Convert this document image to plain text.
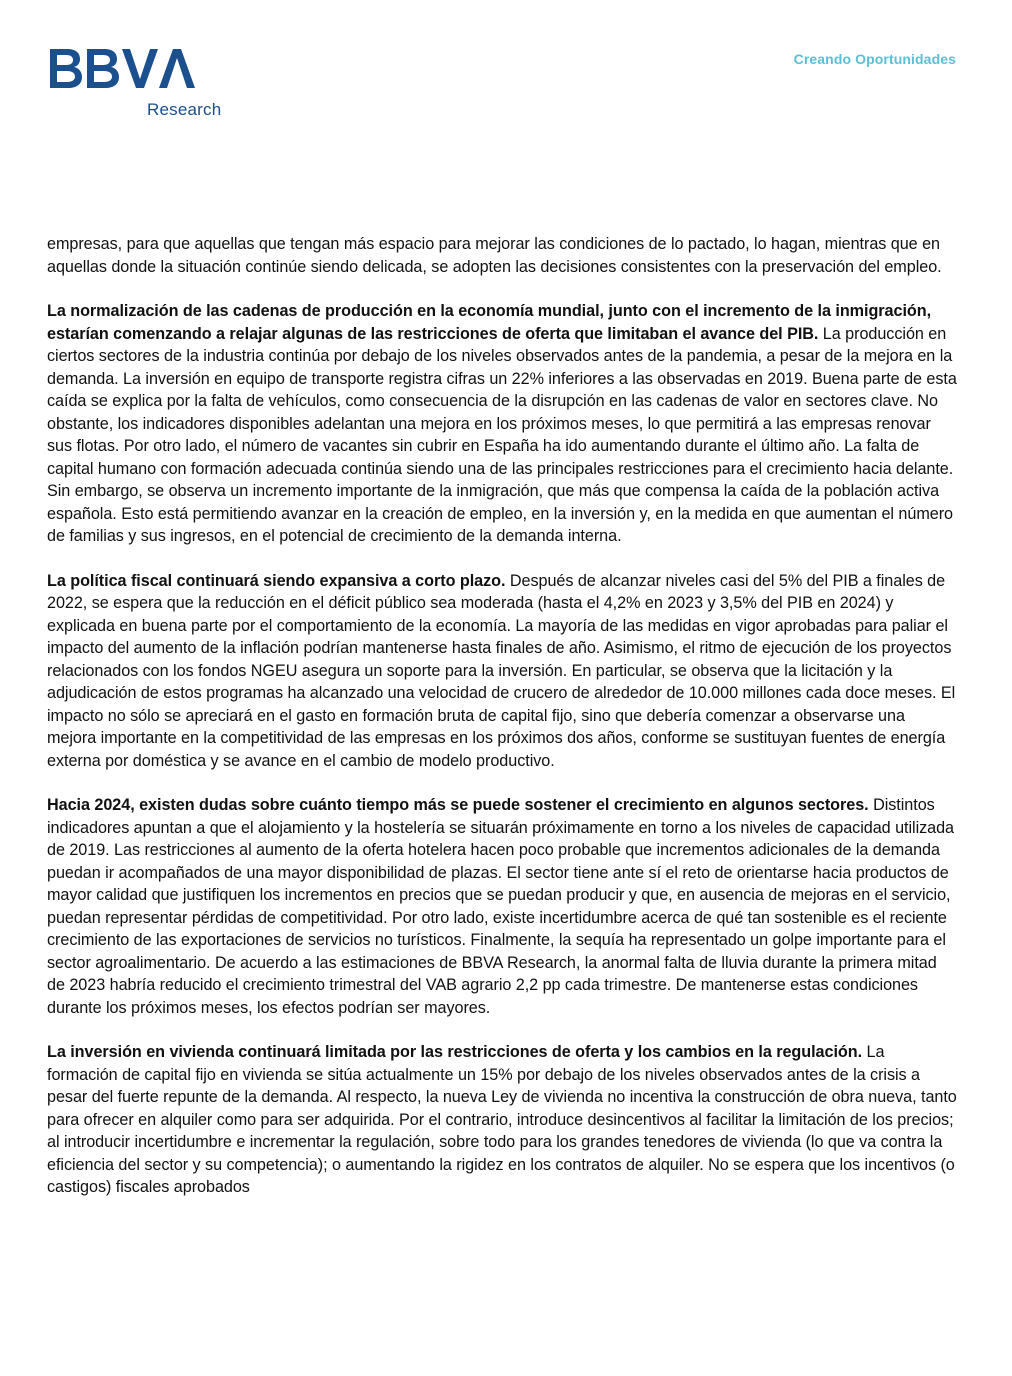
Research
Creando Oportunidades

empresas, para que aquellas que tengan más espacio para mejorar las condiciones de lo pactado, lo hagan, mientras que en aquellas donde la situación continúe siendo delicada, se adopten las decisiones consistentes con la preservación del empleo.

La normalización de las cadenas de producción en la economía mundial, junto con el incremento de la inmigración, estarían comenzando a relajar algunas de las restricciones de oferta que limitaban el avance del PIB. La producción en ciertos sectores de la industria continúa por debajo de los niveles observados antes de la pandemia, a pesar de la mejora en la demanda. La inversión en equipo de transporte registra cifras un 22% inferiores a las observadas en 2019. Buena parte de esta caída se explica por la falta de vehículos, como consecuencia de la disrupción en las cadenas de valor en sectores clave. No obstante, los indicadores disponibles adelantan una mejora en los próximos meses, lo que permitirá a las empresas renovar sus flotas. Por otro lado, el número de vacantes sin cubrir en España ha ido aumentando durante el último año. La falta de capital humano con formación adecuada continúa siendo una de las principales restricciones para el crecimiento hacia delante. Sin embargo, se observa un incremento importante de la inmigración, que más que compensa la caída de la población activa española. Esto está permitiendo avanzar en la creación de empleo, en la inversión y, en la medida en que aumentan el número de familias y sus ingresos, en el potencial de crecimiento de la demanda interna.

La política fiscal continuará siendo expansiva a corto plazo. Después de alcanzar niveles casi del 5% del PIB a finales de 2022, se espera que la reducción en el déficit público sea moderada (hasta el 4,2% en 2023 y 3,5% del PIB en 2024) y explicada en buena parte por el comportamiento de la economía. La mayoría de las medidas en vigor aprobadas para paliar el impacto del aumento de la inflación podrían mantenerse hasta finales de año. Asimismo, el ritmo de ejecución de los proyectos relacionados con los fondos NGEU asegura un soporte para la inversión. En particular, se observa que la licitación y la adjudicación de estos programas ha alcanzado una velocidad de crucero de alrededor de 10.000 millones cada doce meses. El impacto no sólo se apreciará en el gasto en formación bruta de capital fijo, sino que debería comenzar a observarse una mejora importante en la competitividad de las empresas en los próximos dos años, conforme se sustituyan fuentes de energía externa por doméstica y se avance en el cambio de modelo productivo.

Hacia 2024, existen dudas sobre cuánto tiempo más se puede sostener el crecimiento en algunos sectores. Distintos indicadores apuntan a que el alojamiento y la hostelería se situarán próximamente en torno a los niveles de capacidad utilizada de 2019. Las restricciones al aumento de la oferta hotelera hacen poco probable que incrementos adicionales de la demanda puedan ir acompañados de una mayor disponibilidad de plazas. El sector tiene ante sí el reto de orientarse hacia productos de mayor calidad que justifiquen los incrementos en precios que se puedan producir y que, en ausencia de mejoras en el servicio, puedan representar pérdidas de competitividad. Por otro lado, existe incertidumbre acerca de qué tan sostenible es el reciente crecimiento de las exportaciones de servicios no turísticos. Finalmente, la sequía ha representado un golpe importante para el sector agroalimentario. De acuerdo a las estimaciones de BBVA Research, la anormal falta de lluvia durante la primera mitad de 2023 habría reducido el crecimiento trimestral del VAB agrario 2,2 pp cada trimestre. De mantenerse estas condiciones durante los próximos meses, los efectos podrían ser mayores.

La inversión en vivienda continuará limitada por las restricciones de oferta y los cambios en la regulación. La formación de capital fijo en vivienda se sitúa actualmente un 15% por debajo de los niveles observados antes de la crisis a pesar del fuerte repunte de la demanda. Al respecto, la nueva Ley de vivienda no incentiva la construcción de obra nueva, tanto para ofrecer en alquiler como para ser adquirida. Por el contrario, introduce desincentivos al facilitar la limitación de los precios; al introducir incertidumbre e incrementar la regulación, sobre todo para los grandes tenedores de vivienda (lo que va contra la eficiencia del sector y su competencia); o aumentando la rigidez en los contratos de alquiler. No se espera que los incentivos (o castigos) fiscales aprobados
